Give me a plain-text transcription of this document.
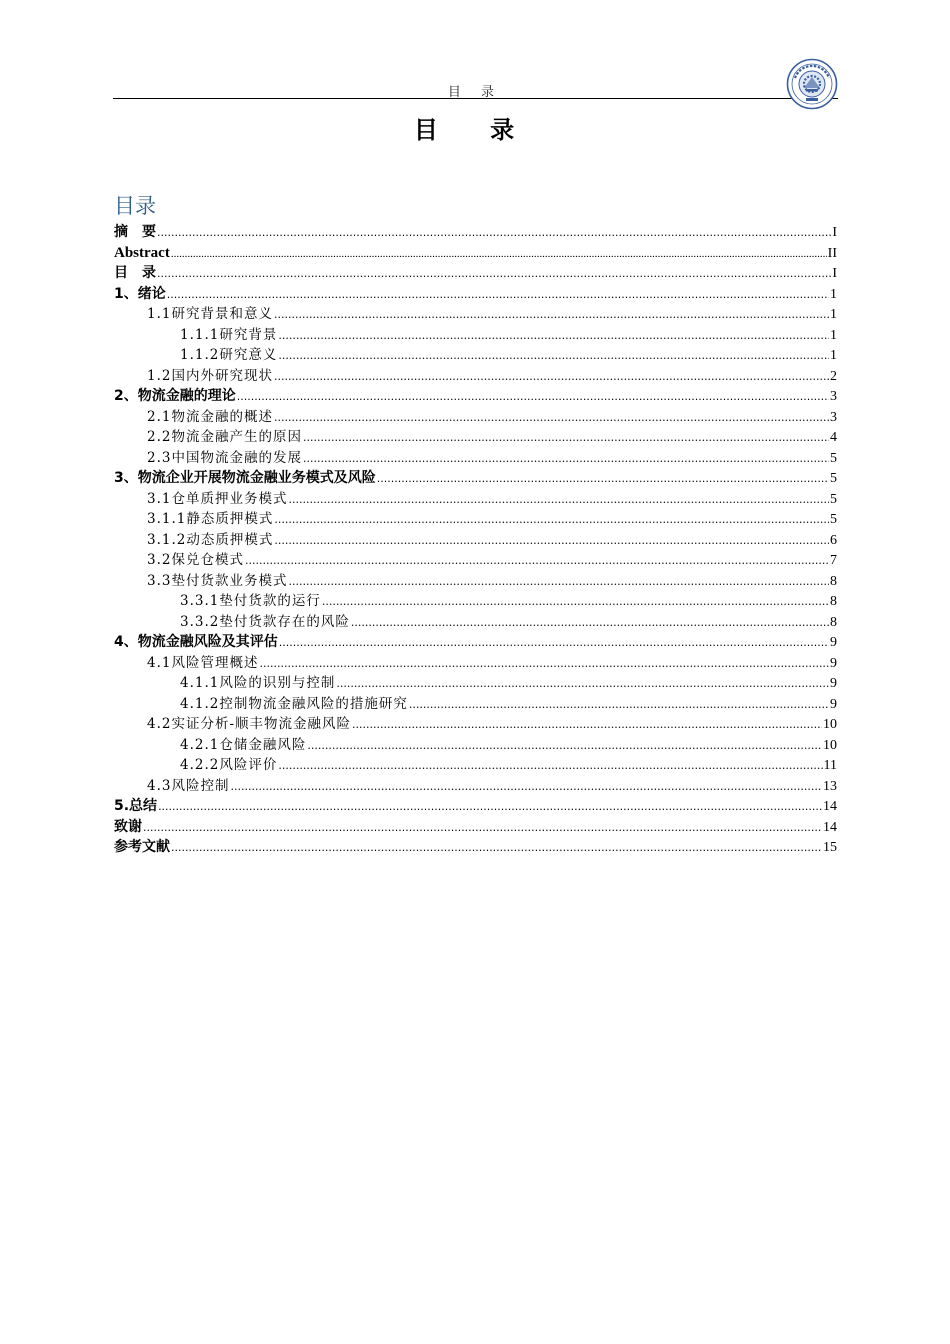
目 录
目 录
目录
摘　要 .....	I
Abstract .....	II
目　录 .....	I
1、绪论 .....	1
1.1研究背景和意义 .....	1
1.1.1研究背景 .....	1
1.1.2研究意义 .....	1
1.2国内外研究现状 .....	2
2、物流金融的理论 .....	3
2.1物流金融的概述 .....	3
2.2物流金融产生的原因 .....	4
2.3中国物流金融的发展 .....	5
3、物流企业开展物流金融业务模式及风险 .....	5
3.1仓单质押业务模式 .....	5
3.1.1静态质押模式 .....	5
3.1.2动态质押模式 .....	6
3.2保兑仓模式 .....	7
3.3垫付货款业务模式 .....	8
3.3.1垫付货款的运行 .....	8
3.3.2垫付货款存在的风险 .....	8
4、物流金融风险及其评估 .....	9
4.1风险管理概述 .....	9
4.1.1风险的识别与控制 .....	9
4.1.2控制物流金融风险的措施研究 .....	9
4.2实证分析-顺丰物流金融风险 .....	10
4.2.1仓储金融风险 .....	10
4.2.2风险评价 .....	11
4.3风险控制 .....	13
5.总结 .....	14
致谢 .....	14
参考文献 .....	15
